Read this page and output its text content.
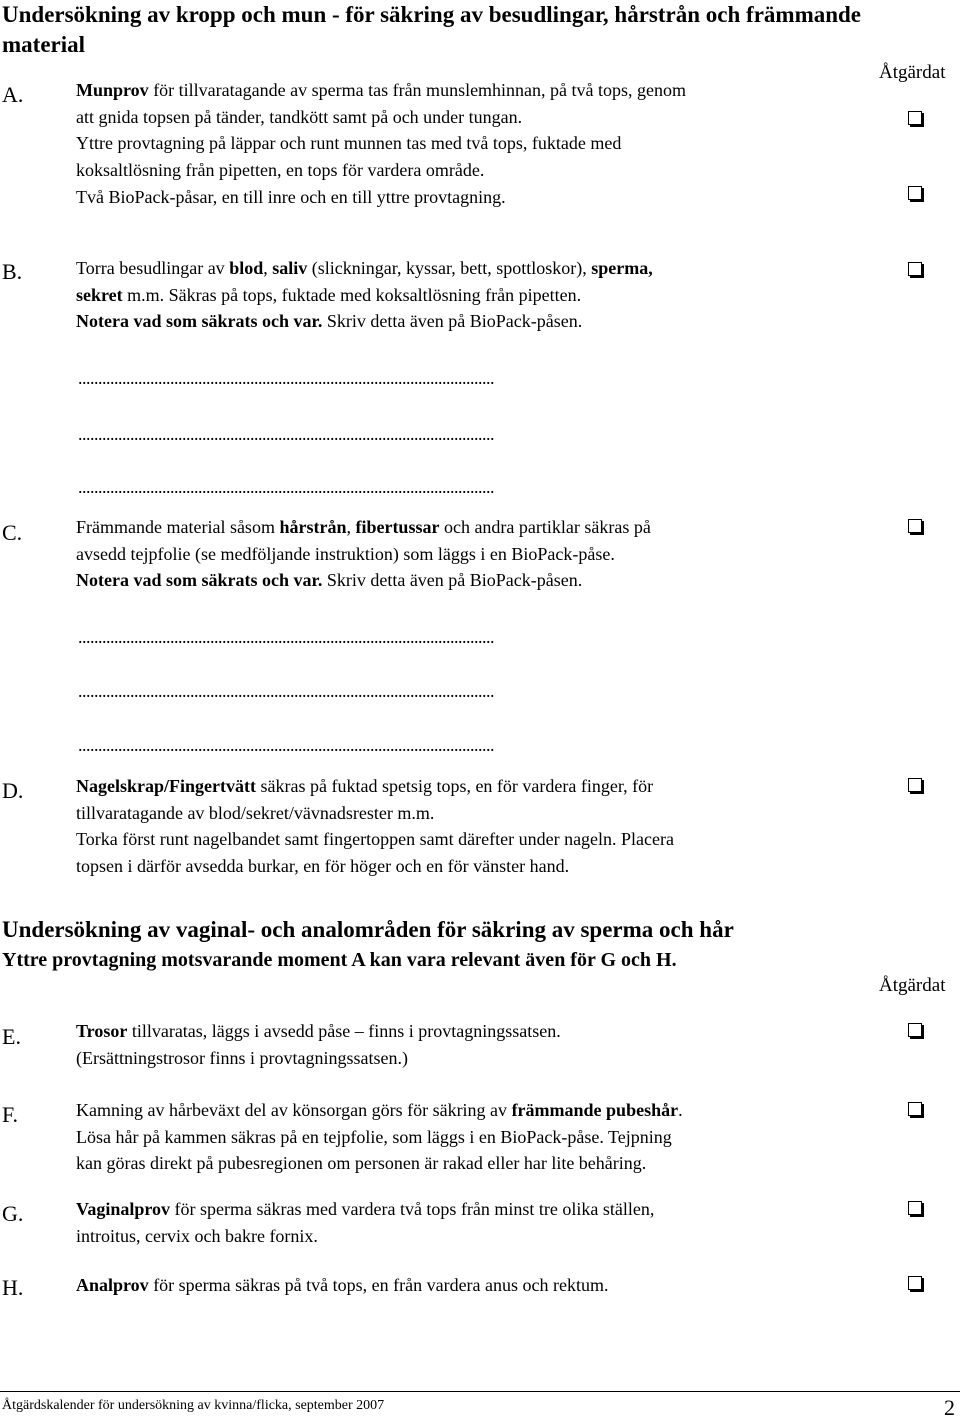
Undersökning av kropp och mun - för säkring av besudlingar, hårstrån och främmande material
Åtgärdat
A.	Munprov för tillvaratagande av sperma tas från munslemhinnan, på två tops, genom
att gnida topsen på tänder, tandkött samt på och under tungan.
Yttre provtagning på läppar och runt munnen tas med två tops, fuktade med
koksaltlösning från pipetten, en tops för vardera område.
Två BioPack-påsar, en till inre och en till yttre provtagning.
B.	Torra besudlingar av blod, saliv (slickningar, kyssar, bett, spottloskor), sperma,
sekret m.m. Säkras på tops, fuktade med koksaltlösning från pipetten.
Notera vad som säkrats och var. Skriv detta även på BioPack-påsen.
........................................................................................................
........................................................................................................
........................................................................................................
C.	Främmande material såsom hårstrån, fibertussar och andra partiklar säkras på
avsedd tejpfolie (se medföljande instruktion) som läggs i en BioPack-påse.
Notera vad som säkrats och var. Skriv detta även på BioPack-påsen.
........................................................................................................
........................................................................................................
........................................................................................................
D.	Nagelskrap/Fingertvätt säkras på fuktad spetsig tops, en för vardera finger, för
tillvaratagande av blod/sekret/vävnadsrester m.m.
Torka först runt nagelbandet samt fingertoppen samt därefter under nageln. Placera
topsen i därför avsedda burkar, en för höger och en för vänster hand.
Undersökning av vaginal- och analområden för säkring av sperma och hår
Yttre provtagning motsvarande moment A kan vara relevant även för G och H.
Åtgärdat
E.	Trosor tillvaratas, läggs i avsedd påse – finns i provtagningssatsen.
(Ersättningstrosor finns i provtagningssatsen.)
F.	Kamning av hårbeväxt del av könsorgan görs för säkring av främmande pubeshår.
Lösa hår på kammen säkras på en tejpfolie, som läggs i en BioPack-påse. Tejpning
kan göras direkt på pubesregionen om personen är rakad eller har lite behåring.
G.	Vaginalprov för sperma säkras med vardera två tops från minst tre olika ställen,
introitus, cervix och bakre fornix.
H.	Analprov för sperma säkras på två tops, en från vardera anus och rektum.
Åtgärdskalender för undersökning av kvinna/flicka, september 2007	2
